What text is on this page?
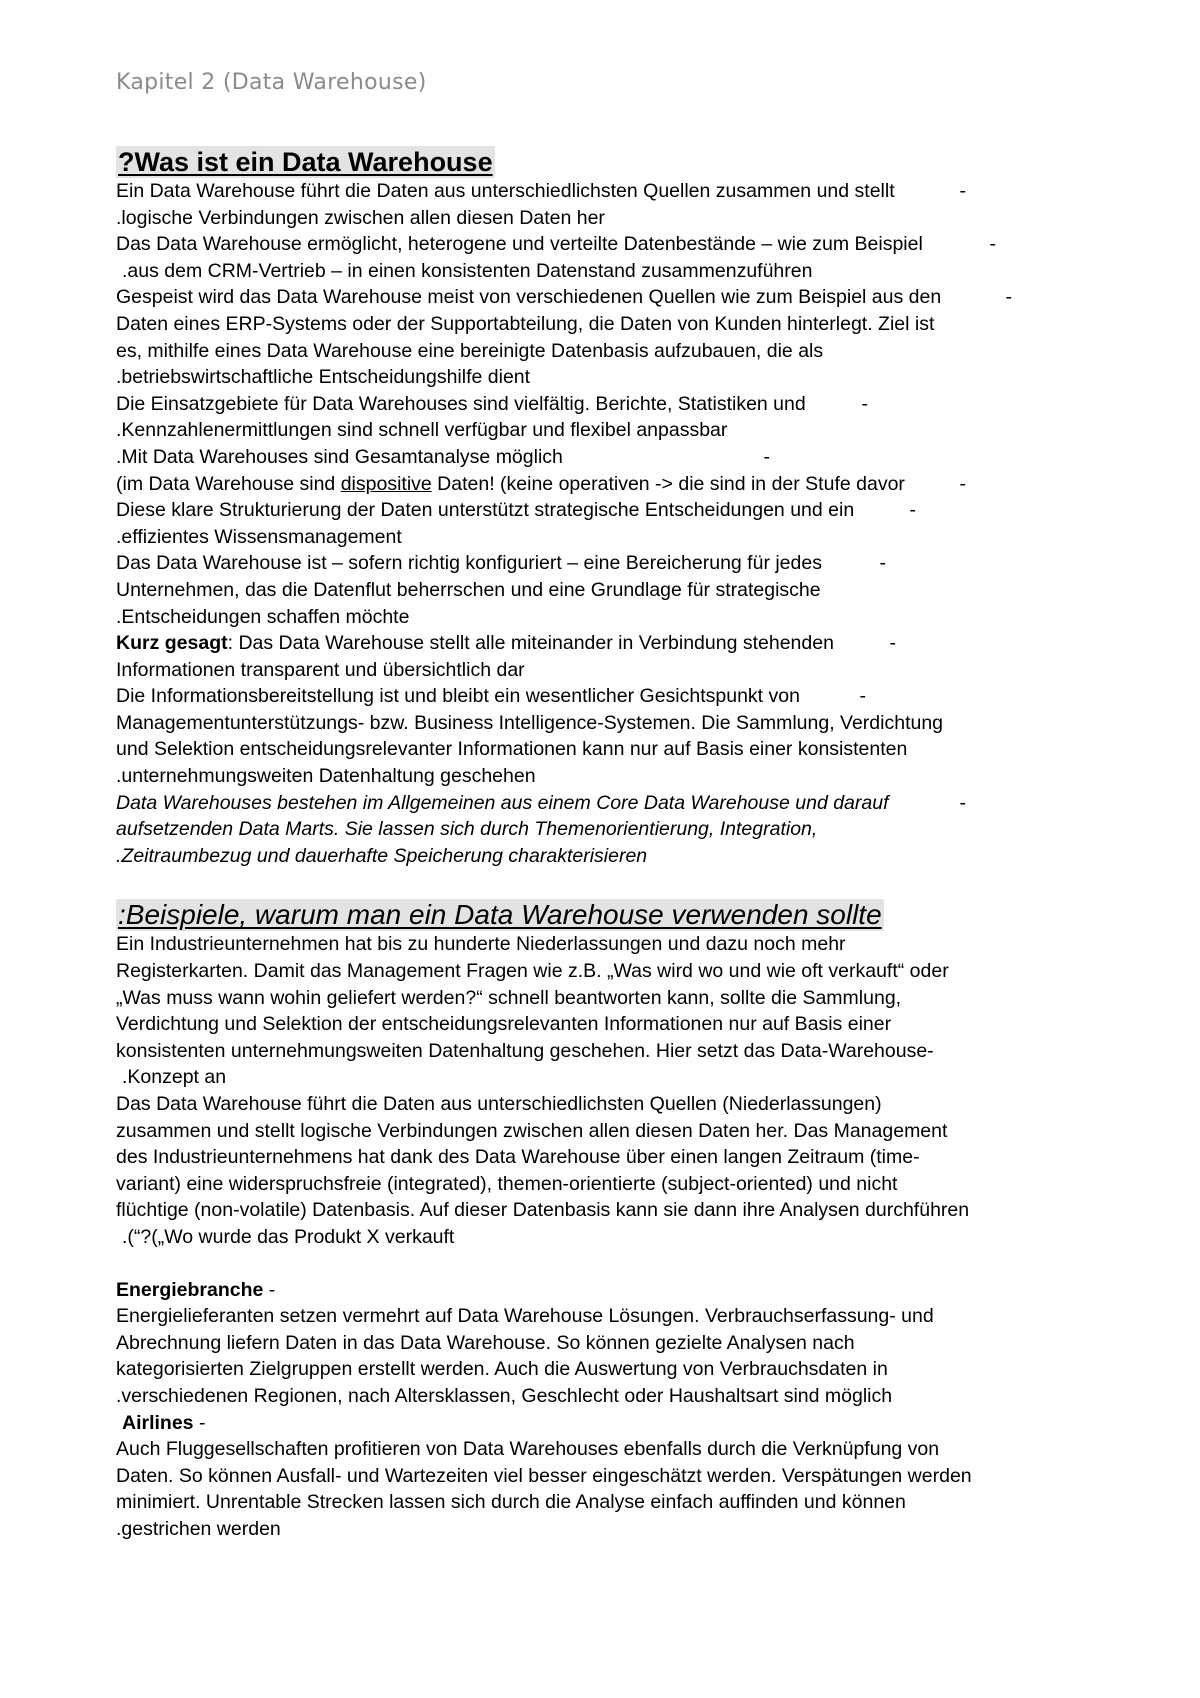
Kapitel 2 (Data Warehouse)
?Was ist ein Data Warehouse

Ein Data Warehouse führt die Daten aus unterschiedlichsten Quellen zusammen und stellt	-

.logische Verbindungen zwischen allen diesen Daten her

Das Data Warehouse ermöglicht, heterogene und verteilte Datenbestände – wie zum Beispiel	-

.aus dem CRM-Vertrieb – in einen konsistenten Datenstand zusammenzuführen

Gespeist wird das Data Warehouse meist von verschiedenen Quellen wie zum Beispiel aus den	-

Daten eines ERP-Systems oder der Supportabteilung, die Daten von Kunden hinterlegt. Ziel ist

es, mithilfe eines Data Warehouse eine bereinigte Datenbasis aufzubauen, die als

.betriebswirtschaftliche Entscheidungshilfe dient

Die Einsatzgebiete für Data Warehouses sind vielfältig. Berichte, Statistiken und	-

.Kennzahlenermittlungen sind schnell verfügbar und flexibel anpassbar

.Mit Data Warehouses sind Gesamtanalyse möglich	-

(im Data Warehouse sind dispositive Daten! (keine operativen -> die sind in der Stufe davor	-

Diese klare Strukturierung der Daten unterstützt strategische Entscheidungen und ein	-

.effizientes Wissensmanagement

Das Data Warehouse ist – sofern richtig konfiguriert – eine Bereicherung für jedes	-

Unternehmen, das die Datenflut beherrschen und eine Grundlage für strategische

.Entscheidungen schaffen möchte

Kurz gesagt: Das Data Warehouse stellt alle miteinander in Verbindung stehenden	-

Informationen transparent und übersichtlich dar

Die Informationsbereitstellung ist und bleibt ein wesentlicher Gesichtspunkt von	-

Managementunterstützungs- bzw. Business Intelligence-Systemen. Die Sammlung, Verdichtung

und Selektion entscheidungsrelevanter Informationen kann nur auf Basis einer konsistenten

.unternehmungsweiten Datenhaltung geschehen

Data Warehouses bestehen im Allgemeinen aus einem Core Data Warehouse und darauf	-

aufsetzenden Data Marts. Sie lassen sich durch Themenorientierung, Integration,

.Zeitraumbezug und dauerhafte Speicherung charakterisieren

:Beispiele, warum man ein Data Warehouse verwenden sollte

Ein Industrieunternehmen hat bis zu hunderte Niederlassungen und dazu noch mehr

Registerkarten. Damit das Management Fragen wie z.B. „Was wird wo und wie oft verkauft“ oder

„Was muss wann wohin geliefert werden?“ schnell beantworten kann, sollte die Sammlung,

Verdichtung und Selektion der entscheidungsrelevanten Informationen nur auf Basis einer

konsistenten unternehmungsweiten Datenhaltung geschehen. Hier setzt das Data-Warehouse-

.Konzept an

Das Data Warehouse führt die Daten aus unterschiedlichsten Quellen (Niederlassungen)

zusammen und stellt logische Verbindungen zwischen allen diesen Daten her. Das Management

des Industrieunternehmens hat dank des Data Warehouse über einen langen Zeitraum (time-

variant) eine widerspruchsfreie (integrated), themen-orientierte (subject-oriented) und nicht

flüchtige (non-volatile) Datenbasis. Auf dieser Datenbasis kann sie dann ihre Analysen durchführen

.(“?(„Wo wurde das Produkt X verkauft

Energiebranche -

Energielieferanten setzen vermehrt auf Data Warehouse Lösungen. Verbrauchserfassung- und

Abrechnung liefern Daten in das Data Warehouse. So können gezielte Analysen nach

kategorisierten Zielgruppen erstellt werden. Auch die Auswertung von Verbrauchsdaten in

.verschiedenen Regionen, nach Altersklassen, Geschlecht oder Haushaltsart sind möglich

Airlines -

Auch Fluggesellschaften profitieren von Data Warehouses ebenfalls durch die Verknüpfung von

Daten. So können Ausfall- und Wartezeiten viel besser eingeschätzt werden. Verspätungen werden

minimiert. Unrentable Strecken lassen sich durch die Analyse einfach auffinden und können

.gestrichen werden
